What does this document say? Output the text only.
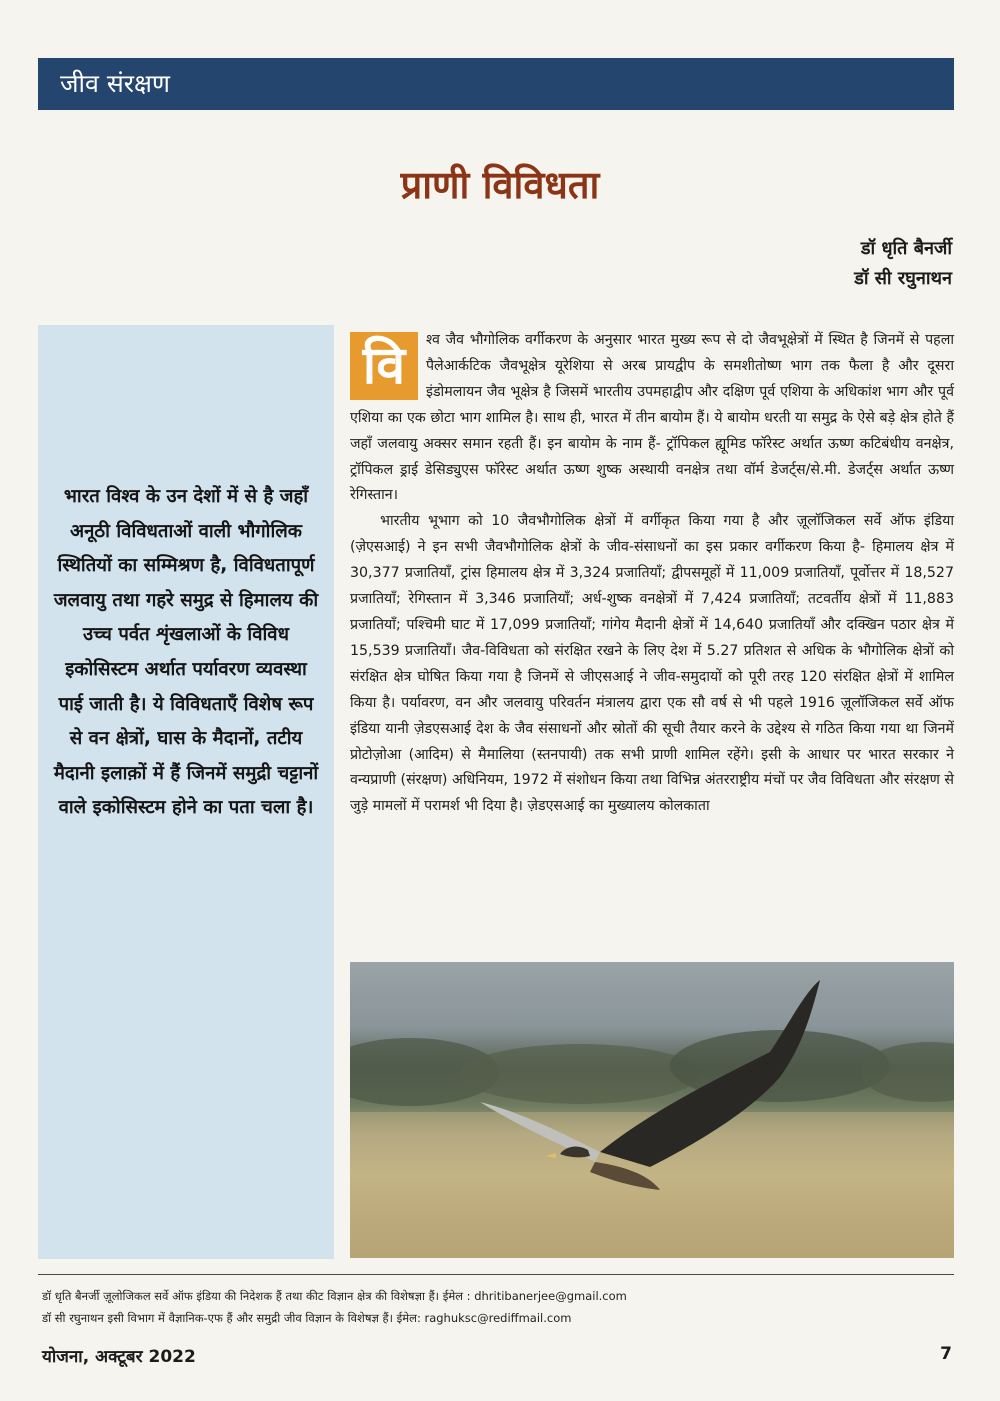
जीव संरक्षण
प्राणी विविधता
डॉ धृति बैनर्जी
डॉ सी रघुनाथन
भारत विश्व के उन देशों में से है जहाँ अनूठी विविधताओं वाली भौगोलिक स्थितियों का सम्मिश्रण है, विविधतापूर्ण जलवायु तथा गहरे समुद्र से हिमालय की उच्च पर्वत शृंखलाओं के विविध इकोसिस्टम अर्थात पर्यावरण व्यवस्था पाई जाती है। ये विविधताएँ विशेष रूप से वन क्षेत्रों, घास के मैदानों, तटीय मैदानी इलाक़ों में हैं जिनमें समुद्री चट्टानों वाले इकोसिस्टम होने का पता चला है।

वि	श्व जैव भौगोलिक वर्गीकरण के अनुसार भारत मुख्य रूप से दो जैवभूक्षेत्रों में स्थित है जिनमें से पहला पैलेआर्कटिक जैवभूक्षेत्र यूरेशिया से अरब प्रायद्वीप के समशीतोष्ण भाग तक फैला है और दूसरा इंडोमलायन जैव भूक्षेत्र है जिसमें भारतीय उपमहाद्वीप और दक्षिण पूर्व एशिया के अधिकांश भाग और पूर्व एशिया का एक छोटा भाग शामिल है। साथ ही, भारत में तीन बायोम हैं। ये बायोम धरती या समुद्र के ऐसे बड़े क्षेत्र होते हैं जहाँ जलवायु अक्सर समान रहती हैं। इन बायोम के नाम हैं- ट्रॉपिकल ह्यूमिड फॉरेस्ट अर्थात ऊष्ण कटिबंधीय वनक्षेत्र, ट्रॉपिकल ड्राई डेसिड्युएस फॉरेस्ट अर्थात ऊष्ण शुष्क अस्थायी वनक्षेत्र तथा वॉर्म डेजर्ट्स/से.मी. डेजर्ट्स अर्थात ऊष्ण रेगिस्तान।

भारतीय भूभाग को 10 जैवभौगोलिक क्षेत्रों में वर्गीकृत किया गया है और ज़ूलॉजिकल सर्वे ऑफ इंडिया (ज़ेएसआई) ने इन सभी जैवभौगोलिक क्षेत्रों के जीव-संसाधनों का इस प्रकार वर्गीकरण किया है- हिमालय क्षेत्र में 30,377 प्रजातियाँ, ट्रांस हिमालय क्षेत्र में 3,324 प्रजातियाँ; द्वीपसमूहों में 11,009 प्रजातियाँ, पूर्वोत्तर में 18,527 प्रजातियाँ; रेगिस्तान में 3,346 प्रजातियाँ; अर्ध-शुष्क वनक्षेत्रों में 7,424 प्रजातियाँ; तटवर्तीय क्षेत्रों में 11,883 प्रजातियाँ; पश्चिमी घाट में 17,099 प्रजातियाँ; गांगेय मैदानी क्षेत्रों में 14,640 प्रजातियाँ और दक्खिन पठार क्षेत्र में 15,539 प्रजातियाँ। जैव-विविधता को संरक्षित रखने के लिए देश में 5.27 प्रतिशत से अधिक के भौगोलिक क्षेत्रों को संरक्षित क्षेत्र घोषित किया गया है जिनमें से जीएसआई ने जीव-समुदायों को पूरी तरह 120 संरक्षित क्षेत्रों में शामिल किया है। पर्यावरण, वन और जलवायु परिवर्तन मंत्रालय द्वारा एक सौ वर्ष से भी पहले 1916 ज़ूलॉजिकल सर्वे ऑफ इंडिया यानी ज़ेडएसआई देश के जैव संसाधनों और स्रोतों की सूची तैयार करने के उद्देश्य से गठित किया गया था जिनमें प्रोटोज़ोआ (आदिम) से मैमालिया (स्तनपायी) तक सभी प्राणी शामिल रहेंगे। इसी के आधार पर भारत सरकार ने वन्यप्राणी (संरक्षण) अधिनियम, 1972 में संशोधन किया तथा विभिन्न अंतरराष्ट्रीय मंचों पर जैव विविधता और संरक्षण से जुड़े मामलों में परामर्श भी दिया है। ज़ेडएसआई का मुख्यालय कोलकाता

डॉ धृति बैनर्जी ज़ूलोजिकल सर्वे ऑफ इंडिया की निदेशक हैं तथा कीट विज्ञान क्षेत्र की विशेषज्ञा हैं। ईमेल : dhritibanerjee@gmail.com
डॉ सी रघुनाथन इसी विभाग में वैज्ञानिक-एफ हैं और समुद्री जीव विज्ञान के विशेषज्ञ हैं। ईमेल: raghuksc@rediffmail.com
योजना, अक्टूबर 2022	7
